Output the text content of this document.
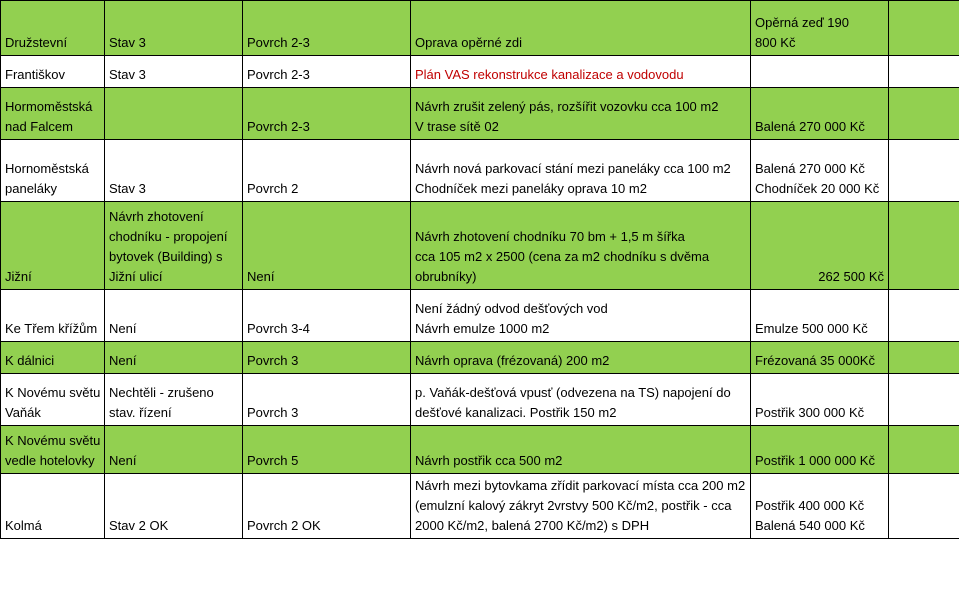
Družstevní	Stav 3	Povrch 2-3	Oprava opěrné zdi	Opěrná zeď 190
800 Kč	

Františkov	Stav 3	Povrch 2-3	Plán VAS rekonstrukce kanalizace a vodovodu		

Hormoměstská
nad Falcem		Povrch 2-3	Návrh zrušit zelený pás, rozšířit vozovku cca 100 m2
V trase sítě 02	Balená 270 000 Kč	

Hornoměstská
paneláky	Stav 3	Povrch 2	Návrh nová parkovací stání mezi paneláky cca 100 m2
Chodníček mezi paneláky oprava 10 m2	Balená 270 000 Kč
Chodníček 20 000 Kč	

Jižní	Návrh zhotovení
chodníku - propojení
bytovek (Building) s
Jižní ulicí	Není	Návrh zhotovení chodníku 70 bm + 1,5 m šířka
cca 105 m2 x 2500 (cena za m2 chodníku s dvěma
obrubníky)	262 500 Kč	

Ke Třem křížům	Není	Povrch 3-4	Není žádný odvod dešťových vod
Návrh emulze 1000 m2	Emulze 500 000 Kč	

K dálnici	Není	Povrch 3	Návrh oprava (frézovaná) 200 m2	Frézovaná 35 000Kč	

K Novému světu
Vaňák	Nechtěli - zrušeno
stav. řízení	Povrch 3	p. Vaňák-dešťová vpusť (odvezena na TS) napojení do
dešťové kanalizaci. Postřik 150 m2	Postřik 300 000 Kč	

K Novému světu
vedle hotelovky	Není	Povrch 5	Návrh postřik cca 500 m2	Postřik 1 000 000 Kč	

Kolmá	Stav 2 OK	Povrch 2 OK	Návrh mezi bytovkama zřídit parkovací místa cca 200 m2
(emulzní kalový zákryt 2vrstvy 500 Kč/m2, postřik - cca
2000 Kč/m2, balená 2700 Kč/m2) s DPH	Postřik 400 000 Kč
Balená 540 000 Kč	
